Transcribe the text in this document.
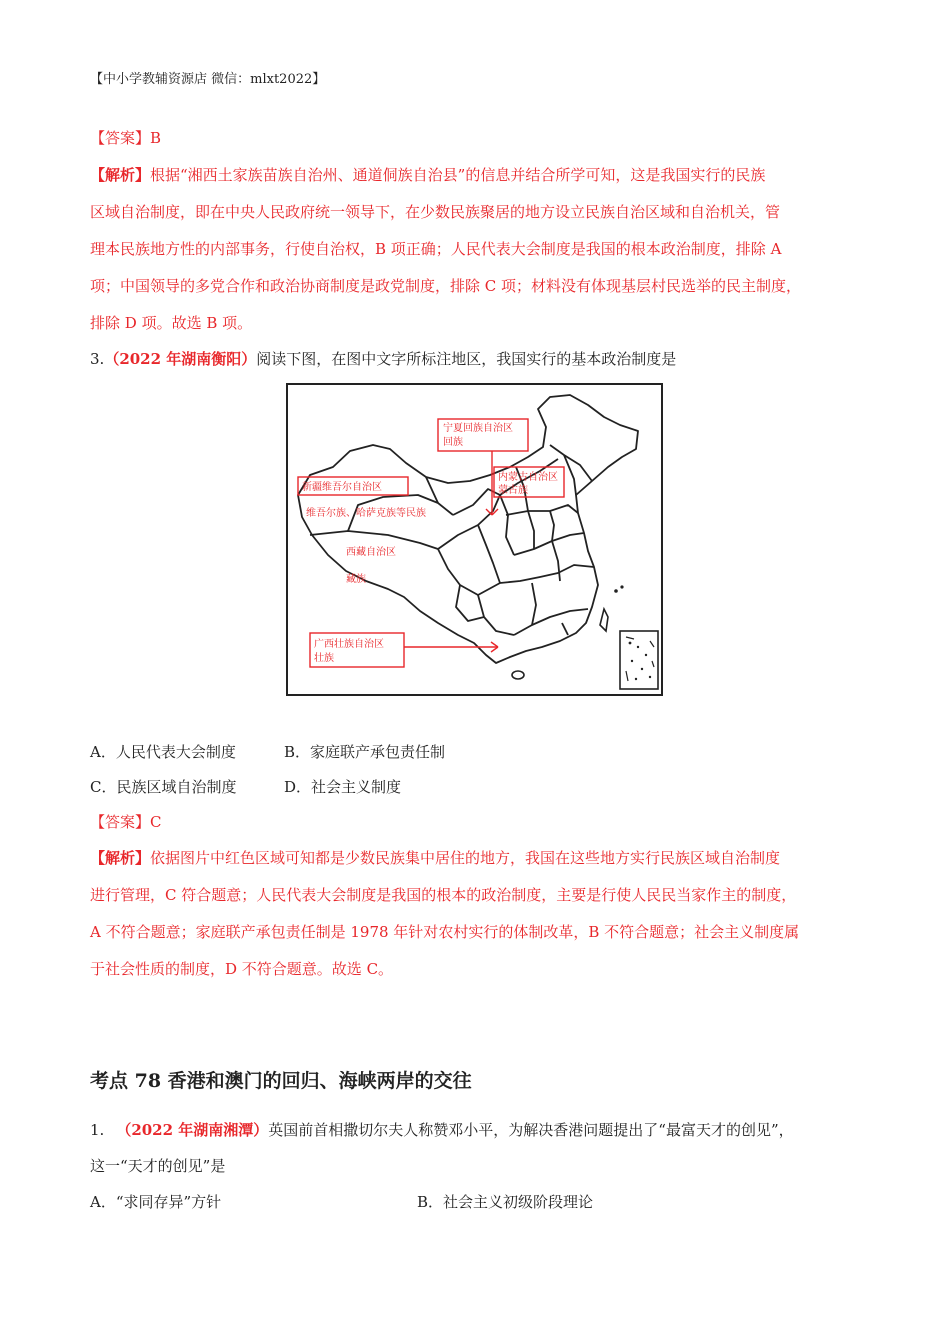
【中小学教辅资源店 微信：mlxt2022】
【答案】B
【解析】根据“湘西土家族苗族自治州、通道侗族自治县”的信息并结合所学可知，这是我国实行的民族
区域自治制度，即在中央人民政府统一领导下，在少数民族聚居的地方设立民族自治区域和自治机关，管
理本民族地方性的内部事务，行使自治权，B 项正确；人民代表大会制度是我国的根本政治制度，排除 A
项；中国领导的多党合作和政治协商制度是政党制度，排除 C 项；材料没有体现基层村民选举的民主制度，
排除 D 项。故选 B 项。
3.（2022 年湖南衡阳）阅读下图，在图中文字所标注地区，我国实行的基本政治制度是
宁夏回族自治区
回族
内蒙古自治区
蒙古族
新疆维吾尔自治区
维吾尔族、哈萨克族等民族
西藏自治区
藏族
广西壮族自治区
壮族
A．人民代表大会制度	B．家庭联产承包责任制
C．民族区域自治制度	D．社会主义制度
【答案】C
【解析】依据图片中红色区域可知都是少数民族集中居住的地方，我国在这些地方实行民族区域自治制度
进行管理，C 符合题意；人民代表大会制度是我国的根本的政治制度，主要是行使人民民当家作主的制度，
A 不符合题意；家庭联产承包责任制是 1978 年针对农村实行的体制改革，B 不符合题意；社会主义制度属
于社会性质的制度，D 不符合题意。故选 C。
考点 78 香港和澳门的回归、海峡两岸的交往
1. （2022 年湖南湘潭）英国前首相撒切尔夫人称赞邓小平，为解决香港问题提出了“最富天才的创见”，
这一“天才的创见”是
A．“求同存异”方针	B．社会主义初级阶段理论
